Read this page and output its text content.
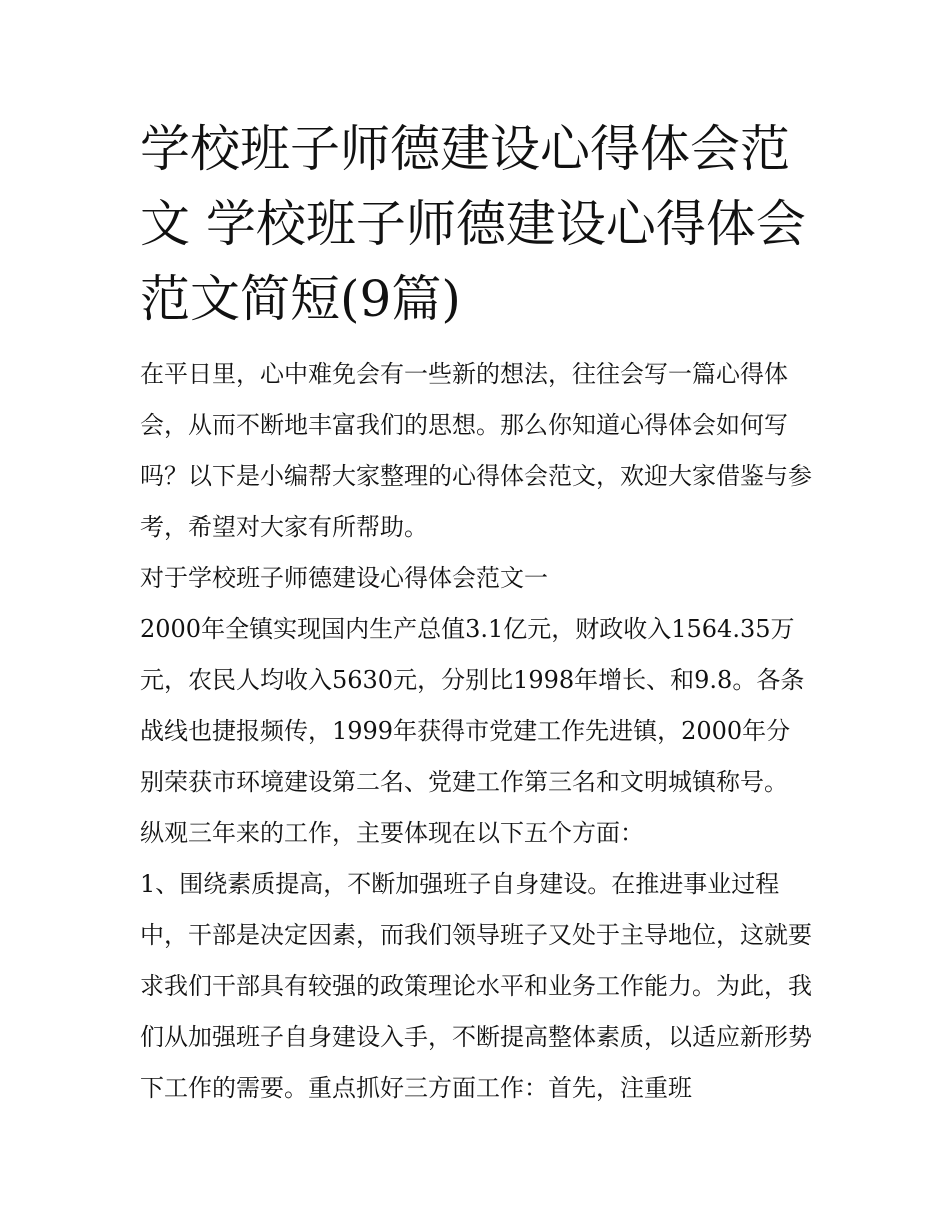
学校班子师德建设心得体会范文 学校班子师德建设心得体会范文简短(9篇)

在平日里，心中难免会有一些新的想法，往往会写一篇心得体会，从而不断地丰富我们的思想。那么你知道心得体会如何写吗？以下是小编帮大家整理的心得体会范文，欢迎大家借鉴与参考，希望对大家有所帮助。

对于学校班子师德建设心得体会范文一

2000年全镇实现国内生产总值3.1亿元，财政收入1564.35万元，农民人均收入5630元，分别比1998年增长、和9.8。各条战线也捷报频传，1999年获得市党建工作先进镇，2000年分别荣获市环境建设第二名、党建工作第三名和文明城镇称号。

纵观三年来的工作，主要体现在以下五个方面：

1、围绕素质提高，不断加强班子自身建设。在推进事业过程中，干部是决定因素，而我们领导班子又处于主导地位，这就要求我们干部具有较强的政策理论水平和业务工作能力。为此，我们从加强班子自身建设入手，不断提高整体素质，以适应新形势下工作的需要。重点抓好三方面工作：首先，注重班
